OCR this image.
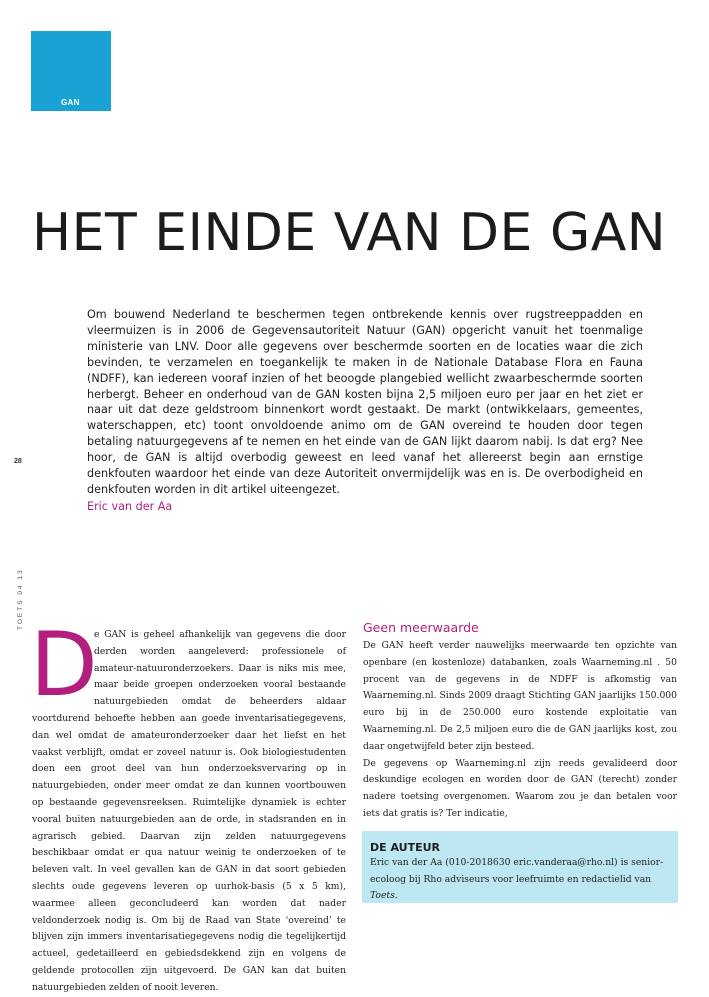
GAN
HET EINDE VAN DE GAN

Om bouwend Nederland te beschermen tegen ontbrekende kennis over rugstreeppadden en vleermuizen is in 2006 de Gegevensautoriteit Natuur (GAN) opgericht vanuit het toenmalige ministerie van LNV. Door alle gegevens over beschermde soorten en de locaties waar die zich bevinden, te verzamelen en toegankelijk te maken in de Nationale Database Flora en Fauna (NDFF), kan iedereen vooraf inzien of het beoogde plangebied wellicht zwaarbeschermde soorten herbergt. Beheer en onderhoud van de GAN kosten bijna 2,5 miljoen euro per jaar en het ziet er naar uit dat deze geldstroom binnenkort wordt gestaakt. De markt (ontwikkelaars, gemeentes, waterschappen, etc) toont onvoldoende animo om de GAN overeind te houden door tegen betaling natuurgegevens af te nemen en het einde van de GAN lijkt daarom nabij. Is dat erg? Nee hoor, de GAN is altijd overbodig geweest en leed vanaf het allereerst begin aan ernstige denkfouten waardoor het einde van deze Autoriteit onvermijdelijk was en is. De overbodigheid en denkfouten worden in dit artikel uiteengezet.

Eric van der Aa
28
TOETS 04 13
D

e GAN is geheel afhankelijk van gegevens die door derden worden aangeleverd: professionele of amateur-natuuronderzoekers. Daar is niks mis mee, maar beide groepen onderzoeken vooral bestaande natuurgebieden omdat de beheerders aldaar voortdurend behoefte hebben aan goede inventarisatiegegevens, dan wel omdat de amateuronderzoeker daar het liefst en het vaakst verblijft, omdat er zoveel natuur is. Ook biologiestudenten doen een groot deel van hun onderzoeksvervaring op in natuurgebieden, onder meer omdat ze dan kunnen voortbouwen op bestaande gegevensreeksen. Ruimtelijke dynamiek is echter vooral buiten natuurgebieden aan de orde, in stadsranden en in agrarisch gebied. Daarvan zijn zelden natuurgegevens beschikbaar omdat er qua natuur weinig te onderzoeken of te beleven valt. In veel gevallen kan de GAN in dat soort gebieden slechts oude gegevens leveren op uurhok-basis (5 x 5 km), waarmee alleen geconcludeerd kan worden dat nader veldonderzoek nodig is. Om bij de Raad van State ‘overeind’ te blijven zijn immers inventarisatiegegevens nodig die tegelijkertijd actueel, gedetailleerd en gebiedsdekkend zijn en volgens de geldende protocollen zijn uitgevoerd. De GAN kan dat buiten natuurgebieden zelden of nooit leveren.

Geen meerwaarde

De GAN heeft verder nauwelijks meerwaarde ten opzichte van openbare (en kostenloze) databanken, zoals Waarneming.nl . 50 procent van de gegevens in de NDFF is afkomstig van Waarneming.nl. Sinds 2009 draagt Stichting GAN jaarlijks 150.000 euro bij in de 250.000 euro kostende exploitatie van Waarneming.nl. De 2,5 miljoen euro die de GAN jaarlijks kost, zou daar ongetwijfeld beter zijn besteed.

De gegevens op Waarneming.nl zijn reeds gevalideerd door deskundige ecologen en worden door de GAN (terecht) zonder nadere toetsing overgenomen. Waarom zou je dan betalen voor iets dat gratis is? Ter indicatie,

DE AUTEUR
Eric van der Aa (010-2018630 eric.vanderaa@rho.nl) is senior-ecoloog bij Rho adviseurs voor leefruimte en redactielid van Toets.
